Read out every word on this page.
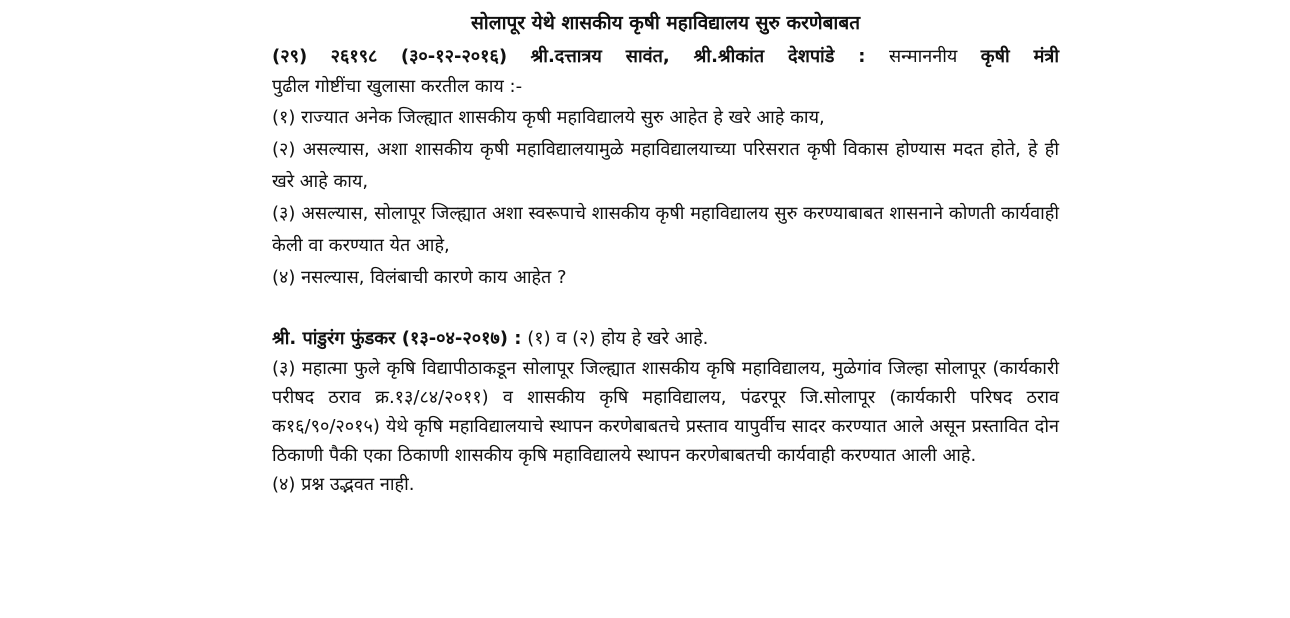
सोलापूर येथे शासकीय कृषी महाविद्यालय सुरु करणेबाबत

(२९) २६१९८ (३०-१२-२०१६) श्री.दत्तात्रय सावंत, श्री.श्रीकांत देशपांडे : सन्माननीय कृषी मंत्री

पुढील गोष्टींचा खुलासा करतील काय :-

(१) राज्यात अनेक जिल्ह्यात शासकीय कृषी महाविद्यालये सुरु आहेत हे खरे आहे काय,

(२) असल्यास, अशा शासकीय कृषी महाविद्यालयामुळे महाविद्यालयाच्या परिसरात कृषी विकास होण्यास मदत होते, हे ही खरे आहे काय,

(३) असल्यास, सोलापूर जिल्ह्यात अशा स्वरूपाचे शासकीय कृषी महाविद्यालय सुरु करण्याबाबत शासनाने कोणती कार्यवाही केली वा करण्यात येत आहे,

(४) नसल्यास, विलंबाची कारणे काय आहेत ?

श्री. पांडुरंग फुंडकर (१३-०४-२०१७) : (१) व (२) होय हे खरे आहे.

(३) महात्मा फुले कृषि विद्यापीठाकडून सोलापूर जिल्ह्यात शासकीय कृषि महाविद्यालय, मुळेगांव जिल्हा सोलापूर (कार्यकारी परीषद ठराव क्र.१३/८४/२०११) व शासकीय कृषि महाविद्यालय, पंढरपूर जि.सोलापूर (कार्यकारी परिषद ठराव क१६/९०/२०१५) येथे कृषि महाविद्यालयाचे स्थापन करणेबाबतचे प्रस्ताव यापुर्वीच सादर करण्यात आले असून प्रस्तावित दोन ठिकाणी पैकी एका ठिकाणी शासकीय कृषि महाविद्यालये स्थापन करणेबाबतची कार्यवाही करण्यात आली आहे.

(४) प्रश्न उद्भवत नाही.
